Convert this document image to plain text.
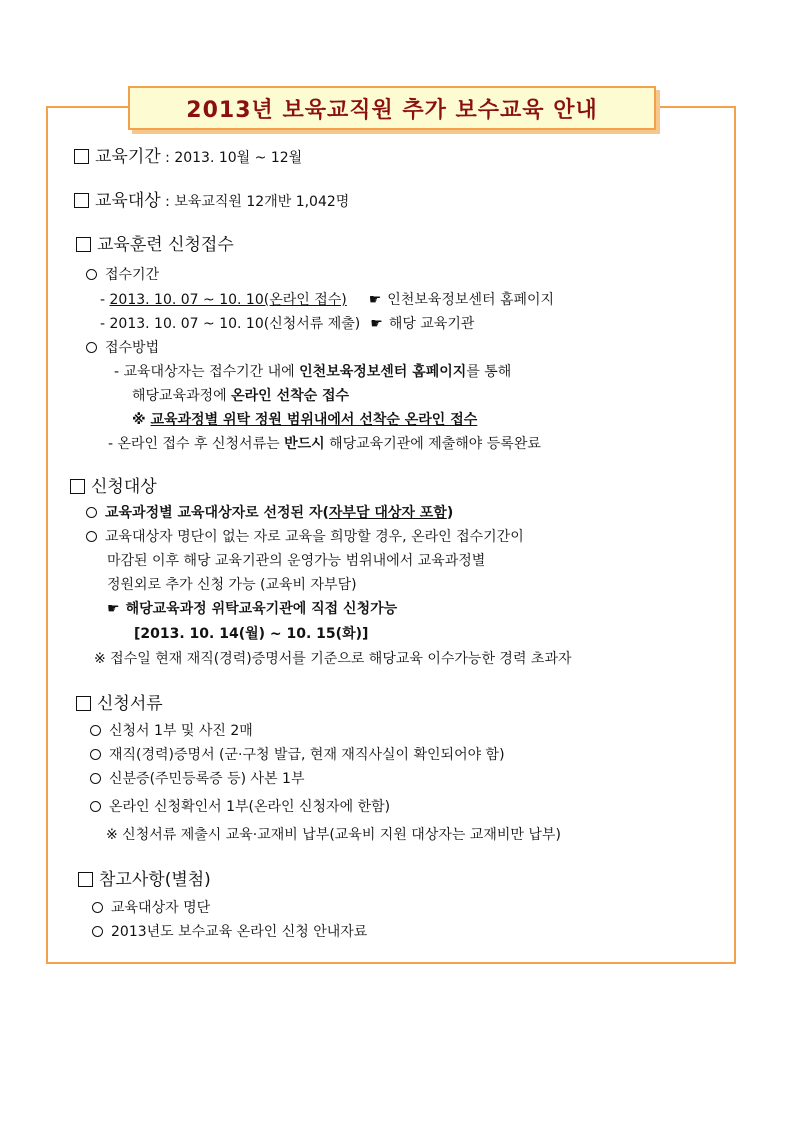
2013년 보육교직원 추가 보수교육 안내
교육기간 : 2013. 10월 ~ 12월
교육대상 : 보육교직원 12개반 1,042명
교육훈련 신청접수
접수기간
- 2013. 10. 07 ~ 10. 10(온라인 접수) ☛ 인천보육정보센터 홈페이지
- 2013. 10. 07 ~ 10. 10(신청서류 제출) ☛ 해당 교육기관
접수방법
- 교육대상자는 접수기간 내에 인천보육정보센터 홈페이지를 통해
해당교육과정에 온라인 선착순 접수
※ 교육과정별 위탁 정원 범위내에서 선착순 온라인 접수
- 온라인 접수 후 신청서류는 반드시 해당교육기관에 제출해야 등록완료
신청대상
교육과정별 교육대상자로 선정된 자(자부담 대상자 포함)
교육대상자 명단이 없는 자로 교육을 희망할 경우, 온라인 접수기간이
마감된 이후 해당 교육기관의 운영가능 범위내에서 교육과정별
정원외로 추가 신청 가능 (교육비 자부담)
☛ 해당교육과정 위탁교육기관에 직접 신청가능
[2013. 10. 14(월) ~ 10. 15(화)]
※ 접수일 현재 재직(경력)증명서를 기준으로 해당교육 이수가능한 경력 초과자
신청서류
신청서 1부 및 사진 2매
재직(경력)증명서 (군·구청 발급, 현재 재직사실이 확인되어야 함)
신분증(주민등록증 등) 사본 1부
온라인 신청확인서 1부(온라인 신청자에 한함)
※ 신청서류 제출시 교육·교재비 납부(교육비 지원 대상자는 교재비만 납부)
참고사항(별첨)
교육대상자 명단
2013년도 보수교육 온라인 신청 안내자료
